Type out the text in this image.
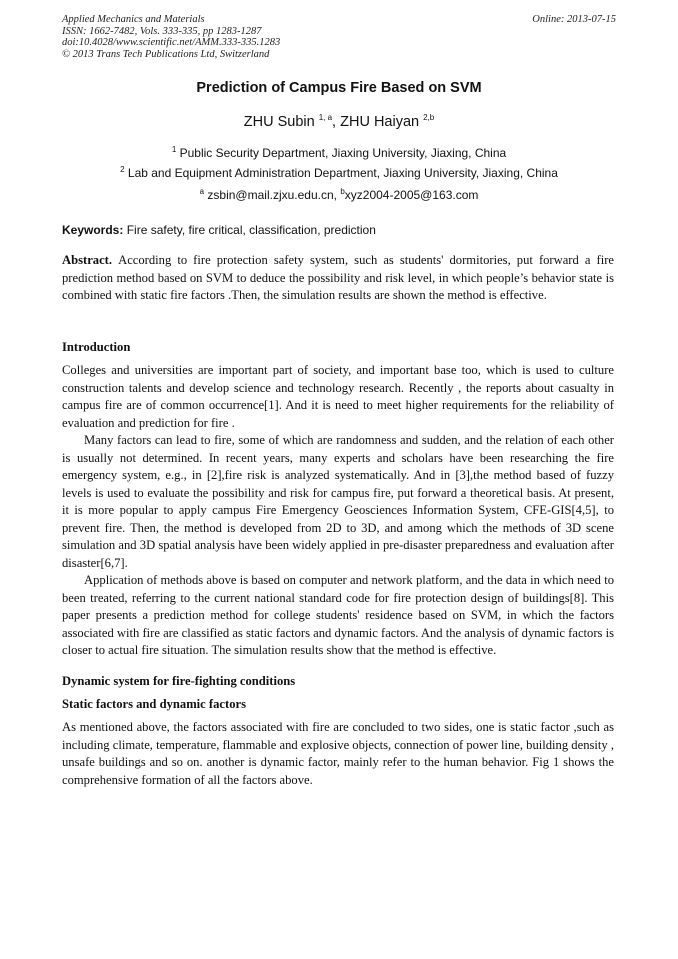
Applied Mechanics and Materials
ISSN: 1662-7482, Vols. 333-335, pp 1283-1287
doi:10.4028/www.scientific.net/AMM.333-335.1283
© 2013 Trans Tech Publications Ltd, Switzerland
Online: 2013-07-15
Prediction of Campus Fire Based on SVM
ZHU Subin $^{1, a}$, ZHU Haiyan $^{2,b}$
$^1$ Public Security Department, Jiaxing University, Jiaxing, China
$^2$ Lab and Equipment Administration Department, Jiaxing University, Jiaxing, China
$^a$ zsbin@mail.zjxu.edu.cn, $^b$xyz2004-2005@163.com
Keywords: Fire safety, fire critical, classification, prediction

Abstract. According to fire protection safety system, such as students' dormitories, put forward a fire prediction method based on SVM to deduce the possibility and risk level, in which people’s behavior state is combined with static fire factors .Then, the simulation results are shown the method is effective.

Introduction

Colleges and universities are important part of society, and important base too, which is used to culture construction talents and develop science and technology research. Recently , the reports about casualty in campus fire are of common occurrence[1]. And it is need to meet higher requirements for the reliability of evaluation and prediction for fire .

Many factors can lead to fire, some of which are randomness and sudden, and the relation of each other is usually not determined. In recent years, many experts and scholars have been researching the fire emergency system, e.g., in [2],fire risk is analyzed systematically. And in [3],the method based of fuzzy levels is used to evaluate the possibility and risk for campus fire, put forward a theoretical basis. At present, it is more popular to apply campus Fire Emergency Geosciences Information System, CFE-GIS[4,5], to prevent fire. Then, the method is developed from 2D to 3D, and among which the methods of 3D scene simulation and 3D spatial analysis have been widely applied in pre-disaster preparedness and evaluation after disaster[6,7].

Application of methods above is based on computer and network platform, and the data in which need to been treated, referring to the current national standard code for fire protection design of buildings[8]. This paper presents a prediction method for college students' residence based on SVM, in which the factors associated with fire are classified as static factors and dynamic factors. And the analysis of dynamic factors is closer to actual fire situation. The simulation results show that the method is effective.

Dynamic system for fire-fighting conditions
Static factors and dynamic factors

As mentioned above, the factors associated with fire are concluded to two sides, one is static factor ,such as including climate, temperature, flammable and explosive objects, connection of power line, building density , unsafe buildings and so on. another is dynamic factor, mainly refer to the human behavior. Fig 1 shows the comprehensive formation of all the factors above.
